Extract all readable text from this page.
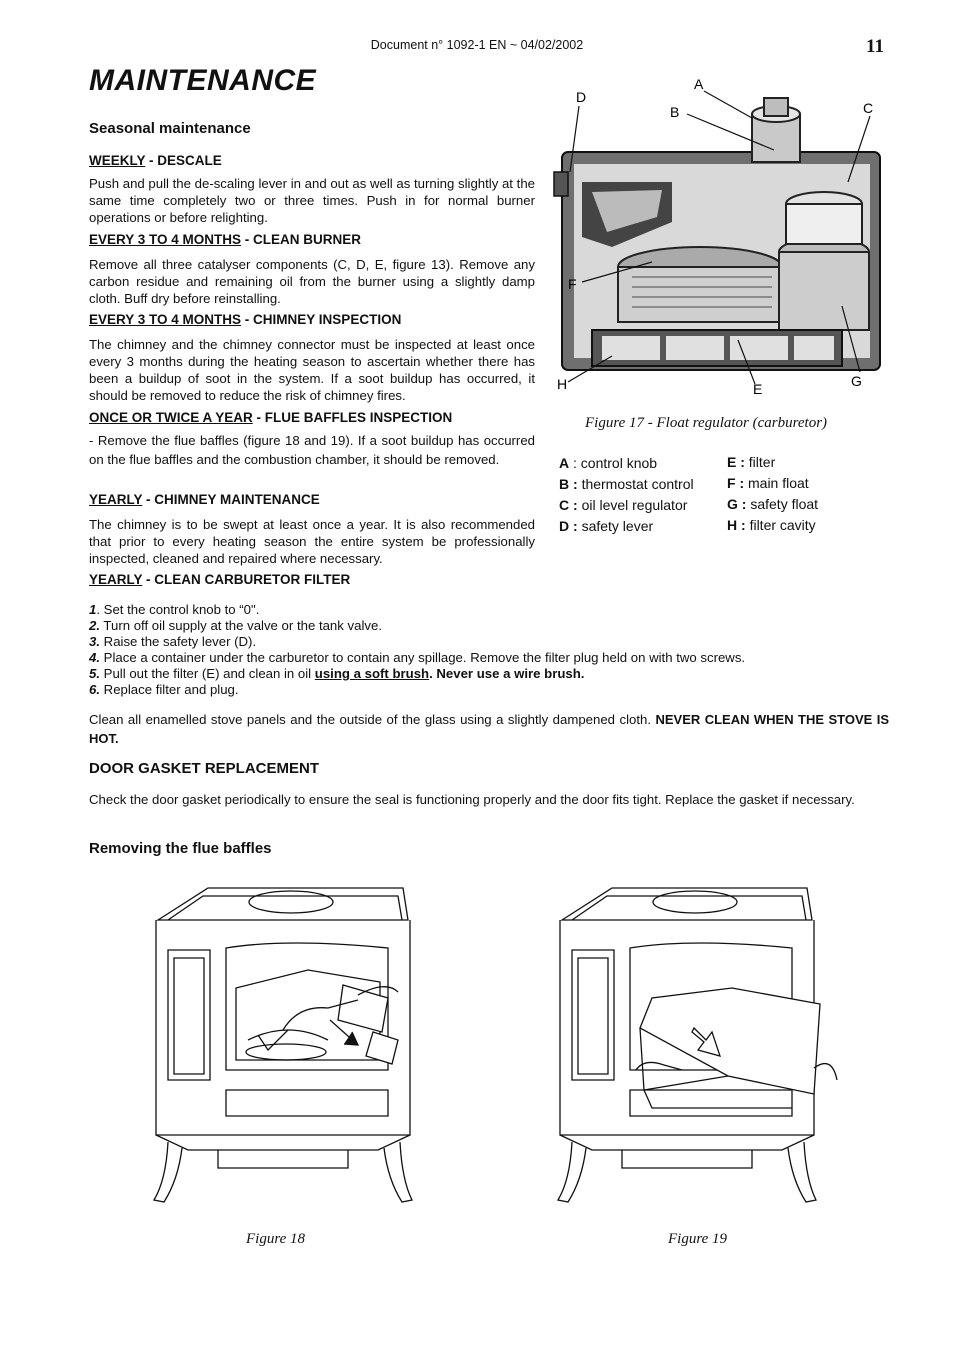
Document n° 1092-1 EN ~ 04/02/2002	11
MAINTENANCE
Seasonal maintenance
WEEKLY - DESCALE
Push and pull the de-scaling lever in and out as well as turning slightly at the same time completely two or three times. Push in for normal burner operations or before relighting.
EVERY 3 TO 4 MONTHS - CLEAN BURNER
Remove all three catalyser components (C, D, E, figure 13). Remove any carbon residue and remaining oil from the burner using a slightly damp cloth. Buff dry before reinstalling.
EVERY 3 TO 4 MONTHS - CHIMNEY INSPECTION
The chimney and the chimney connector must be inspected at least once every 3 months during the heating season to ascertain whether there has been a buildup of soot in the system. If a soot buildup has occurred, it should be removed to reduce the risk of chimney fires.
ONCE OR TWICE A YEAR - FLUE BAFFLES INSPECTION
- Remove the flue baffles (figure 18 and 19). If a soot buildup has occurred on the flue baffles and the combustion chamber, it should be removed.
YEARLY - CHIMNEY MAINTENANCE
The chimney is to be swept at least once a year. It is also recommended that prior to every heating season the entire system be professionally inspected, cleaned and repaired where necessary.
YEARLY - CLEAN CARBURETOR FILTER
A
B	C
D
E
F
G
H
Figure 17 - Float regulator (carburetor)
A : control knob
B : thermostat control
C : oil level regulator
D : safety lever
E : filter
F : main float
G : safety float
H : filter cavity
1. Set the control knob to “0".
2. Turn off oil supply at the valve or the tank valve.
3. Raise the safety lever (D).
4. Place a container under the carburetor to contain any spillage. Remove the filter plug held on with two screws.
5. Pull out the filter (E) and clean in oil using a soft brush. Never use a wire brush.
6. Replace filter and plug.
Clean all enamelled stove panels and the outside of the glass using a slightly dampened cloth. NEVER CLEAN WHEN THE STOVE IS HOT.
DOOR GASKET REPLACEMENT
Check the door gasket periodically to ensure the seal is functioning properly and the door fits tight. Replace the gasket if necessary.
Removing the flue baffles
Figure 18	Figure 19
